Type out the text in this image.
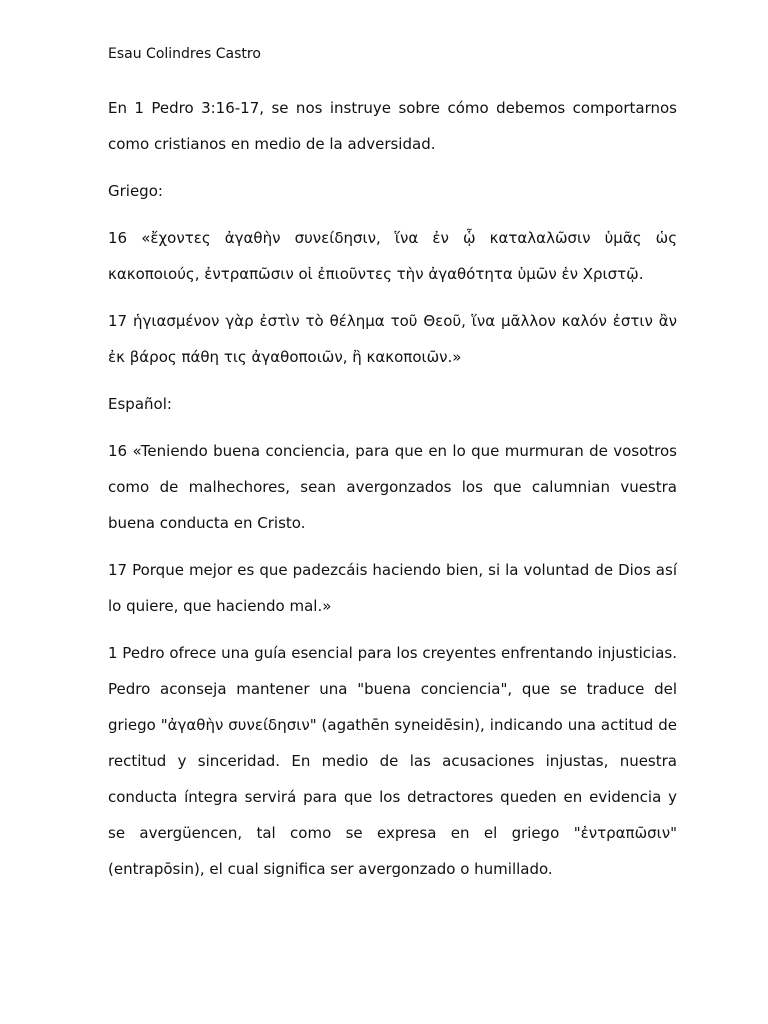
Esau Colindres Castro

En 1 Pedro 3:16-17, se nos instruye sobre cómo debemos comportarnos como cristianos en medio de la adversidad.

Griego:

16 «ἔχοντες ἀγαθὴν συνείδησιν, ἵνα ἐν ᾧ καταλαλῶσιν ὑμᾶς ὡς κακοποιούς, ἐντραπῶσιν οἱ ἐπιοῦντες τὴν ἀγαθότητα ὑμῶν ἐν Χριστῷ.

17 ἡγιασμένον γὰρ ἐστὶν τὸ θέλημα τοῦ Θεοῦ, ἵνα μᾶλλον καλόν ἐστιν ἂν ἐκ βάρος πάθη τις ἀγαθοποιῶν, ἢ κακοποιῶν.»

Español:

16 «Teniendo buena conciencia, para que en lo que murmuran de vosotros como de malhechores, sean avergonzados los que calumnian vuestra buena conducta en Cristo.

17 Porque mejor es que padezcáis haciendo bien, si la voluntad de Dios así lo quiere, que haciendo mal.»

1 Pedro ofrece una guía esencial para los creyentes enfrentando injusticias. Pedro aconseja mantener una "buena conciencia", que se traduce del griego "ἀγαθὴν συνείδησιν" (agathēn syneidēsin), indicando una actitud de rectitud y sinceridad. En medio de las acusaciones injustas, nuestra conducta íntegra servirá para que los detractores queden en evidencia y se avergüencen, tal como se expresa en el griego "ἐντραπῶσιν" (entrapōsin), el cual significa ser avergonzado o humillado.
